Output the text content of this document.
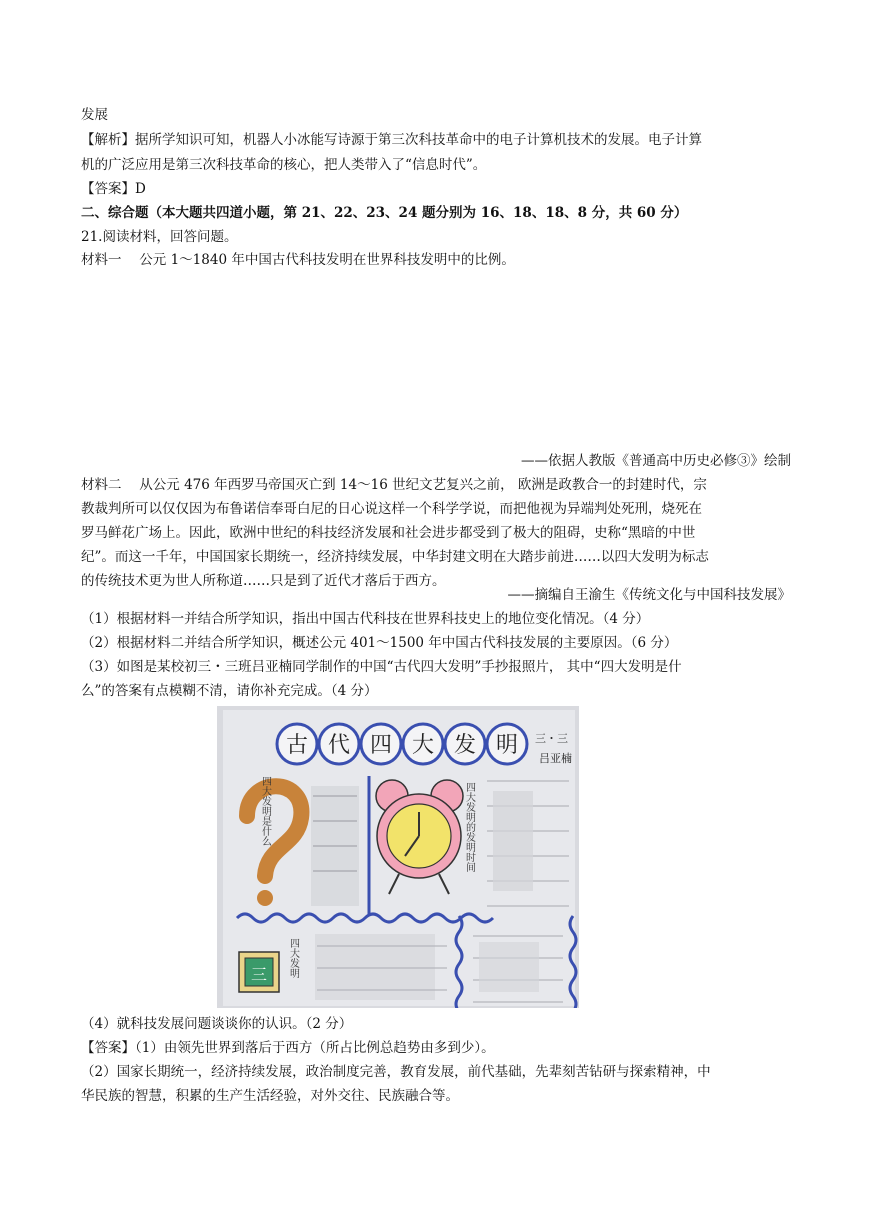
发展
【解析】据所学知识可知，机器人小冰能写诗源于第三次科技革命中的电子计算机技术的发展。电子计算
机的广泛应用是第三次科技革命的核心，把人类带入了“信息时代”。
【答案】D
二、综合题（本大题共四道小题，第 21、22、23、24 题分别为 16、18、18、8 分，共 60 分）
21.阅读材料，回答问题。
材料一　 公元 1～1840 年中国古代科技发明在世界科技发明中的比例。
——依据人教版《普通高中历史必修③》绘制
材料二　 从公元 476 年西罗马帝国灭亡到 14～16 世纪文艺复兴之前， 欧洲是政教合一的封建时代，宗
教裁判所可以仅仅因为布鲁诺信奉哥白尼的日心说这样一个科学学说，而把他视为异端判处死刑，烧死在
罗马鲜花广场上。因此，欧洲中世纪的科技经济发展和社会进步都受到了极大的阻碍，史称“黑暗的中世
纪”。而这一千年，中国国家长期统一，经济持续发展，中华封建文明在大踏步前进……以四大发明为标志
的传统技术更为世人所称道……只是到了近代才落后于西方。
——摘编自王渝生《传统文化与中国科技发展》
（1）根据材料一并结合所学知识，指出中国古代科技在世界科技史上的地位变化情况。（4 分）
（2）根据材料二并结合所学知识，概述公元 401～1500 年中国古代科技发展的主要原因。（6 分）
（3）如图是某校初三・三班吕亚楠同学制作的中国“古代四大发明”手抄报照片， 其中“四大发明是什
么”的答案有点模糊不清，请你补充完成。（4 分）
古 代 四 大 发 明 三・三
吕亚楠
四大发明是什么	四大发明的发明时间
四大发明
三
（4）就科技发展问题谈谈你的认识。（2 分）
【答案】（1）由领先世界到落后于西方（所占比例总趋势由多到少）。
（2）国家长期统一，经济持续发展，政治制度完善，教育发展，前代基础，先辈刻苦钻研与探索精神，中
华民族的智慧，积累的生产生活经验，对外交往、民族融合等。
